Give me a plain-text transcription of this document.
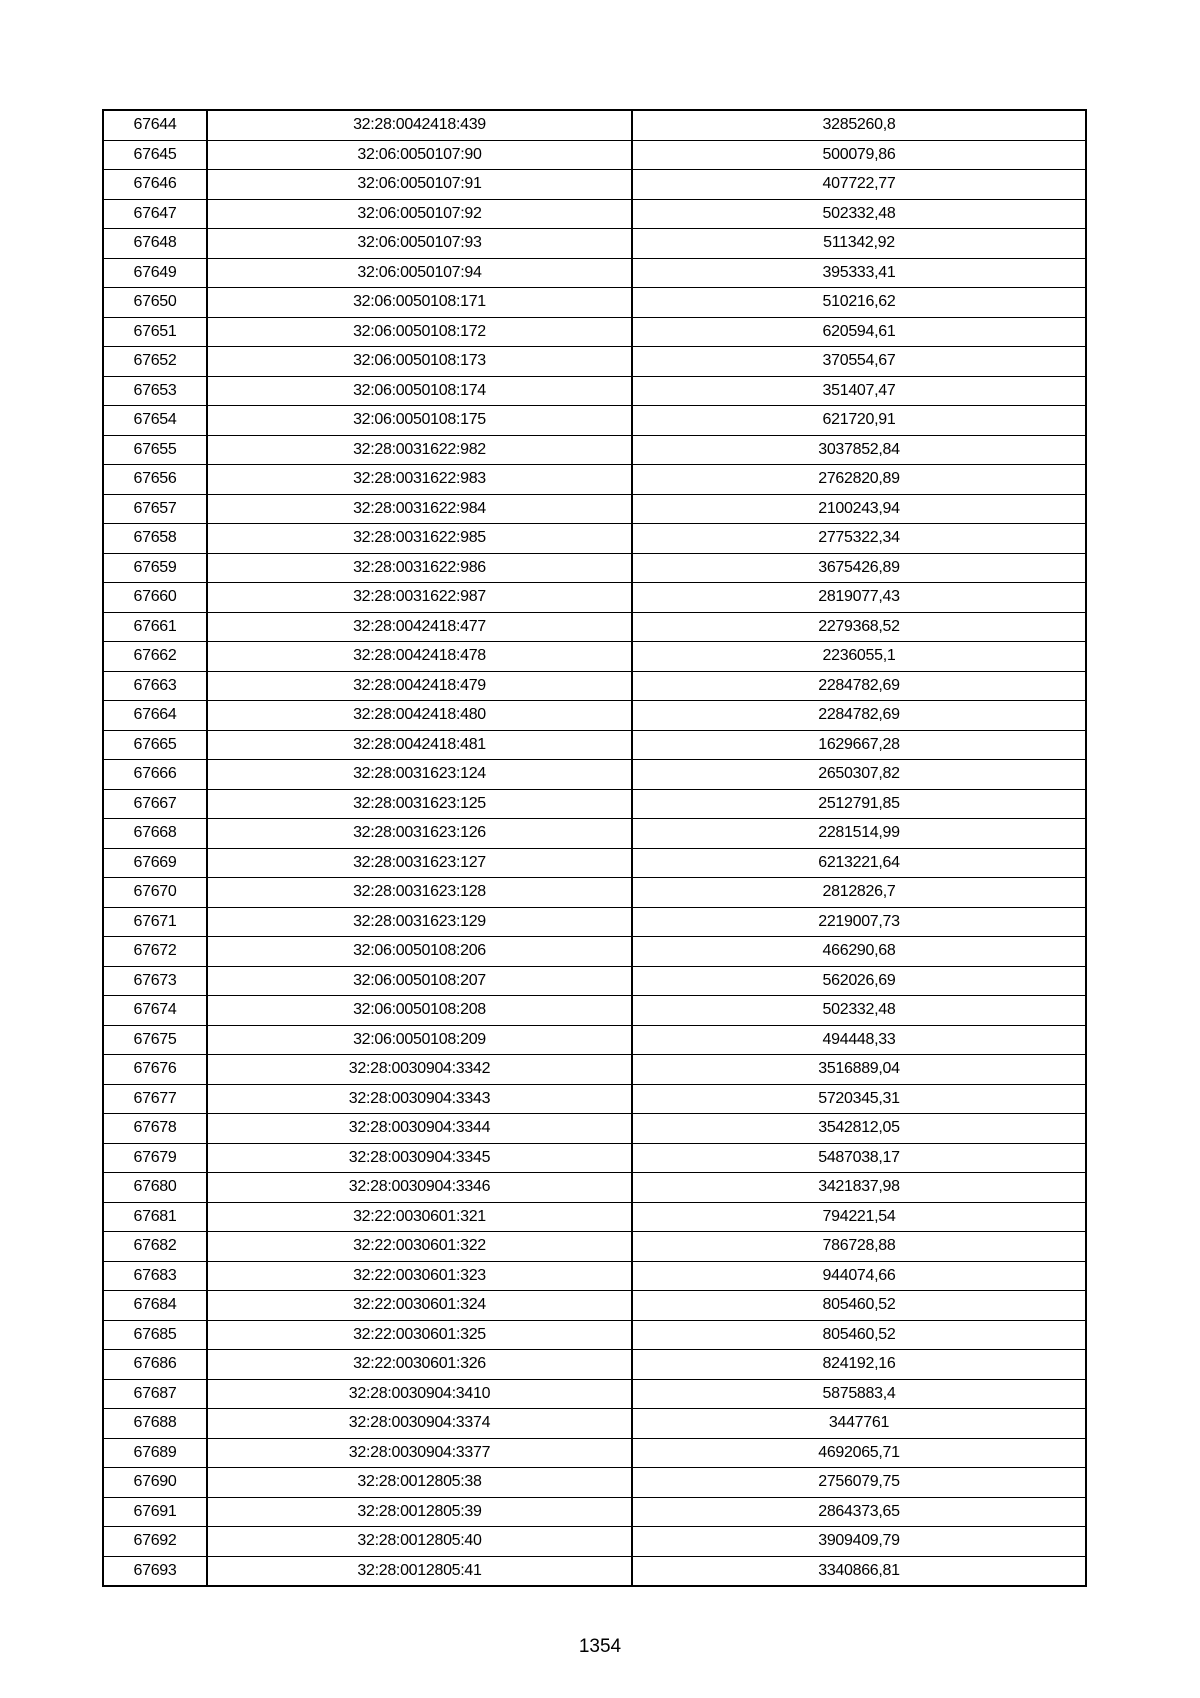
67644	32:28:0042418:439	3285260,8
67645	32:06:0050107:90	500079,86
67646	32:06:0050107:91	407722,77
67647	32:06:0050107:92	502332,48
67648	32:06:0050107:93	511342,92
67649	32:06:0050107:94	395333,41
67650	32:06:0050108:171	510216,62
67651	32:06:0050108:172	620594,61
67652	32:06:0050108:173	370554,67
67653	32:06:0050108:174	351407,47
67654	32:06:0050108:175	621720,91
67655	32:28:0031622:982	3037852,84
67656	32:28:0031622:983	2762820,89
67657	32:28:0031622:984	2100243,94
67658	32:28:0031622:985	2775322,34
67659	32:28:0031622:986	3675426,89
67660	32:28:0031622:987	2819077,43
67661	32:28:0042418:477	2279368,52
67662	32:28:0042418:478	2236055,1
67663	32:28:0042418:479	2284782,69
67664	32:28:0042418:480	2284782,69
67665	32:28:0042418:481	1629667,28
67666	32:28:0031623:124	2650307,82
67667	32:28:0031623:125	2512791,85
67668	32:28:0031623:126	2281514,99
67669	32:28:0031623:127	6213221,64
67670	32:28:0031623:128	2812826,7
67671	32:28:0031623:129	2219007,73
67672	32:06:0050108:206	466290,68
67673	32:06:0050108:207	562026,69
67674	32:06:0050108:208	502332,48
67675	32:06:0050108:209	494448,33
67676	32:28:0030904:3342	3516889,04
67677	32:28:0030904:3343	5720345,31
67678	32:28:0030904:3344	3542812,05
67679	32:28:0030904:3345	5487038,17
67680	32:28:0030904:3346	3421837,98
67681	32:22:0030601:321	794221,54
67682	32:22:0030601:322	786728,88
67683	32:22:0030601:323	944074,66
67684	32:22:0030601:324	805460,52
67685	32:22:0030601:325	805460,52
67686	32:22:0030601:326	824192,16
67687	32:28:0030904:3410	5875883,4
67688	32:28:0030904:3374	3447761
67689	32:28:0030904:3377	4692065,71
67690	32:28:0012805:38	2756079,75
67691	32:28:0012805:39	2864373,65
67692	32:28:0012805:40	3909409,79
67693	32:28:0012805:41	3340866,81
1354
